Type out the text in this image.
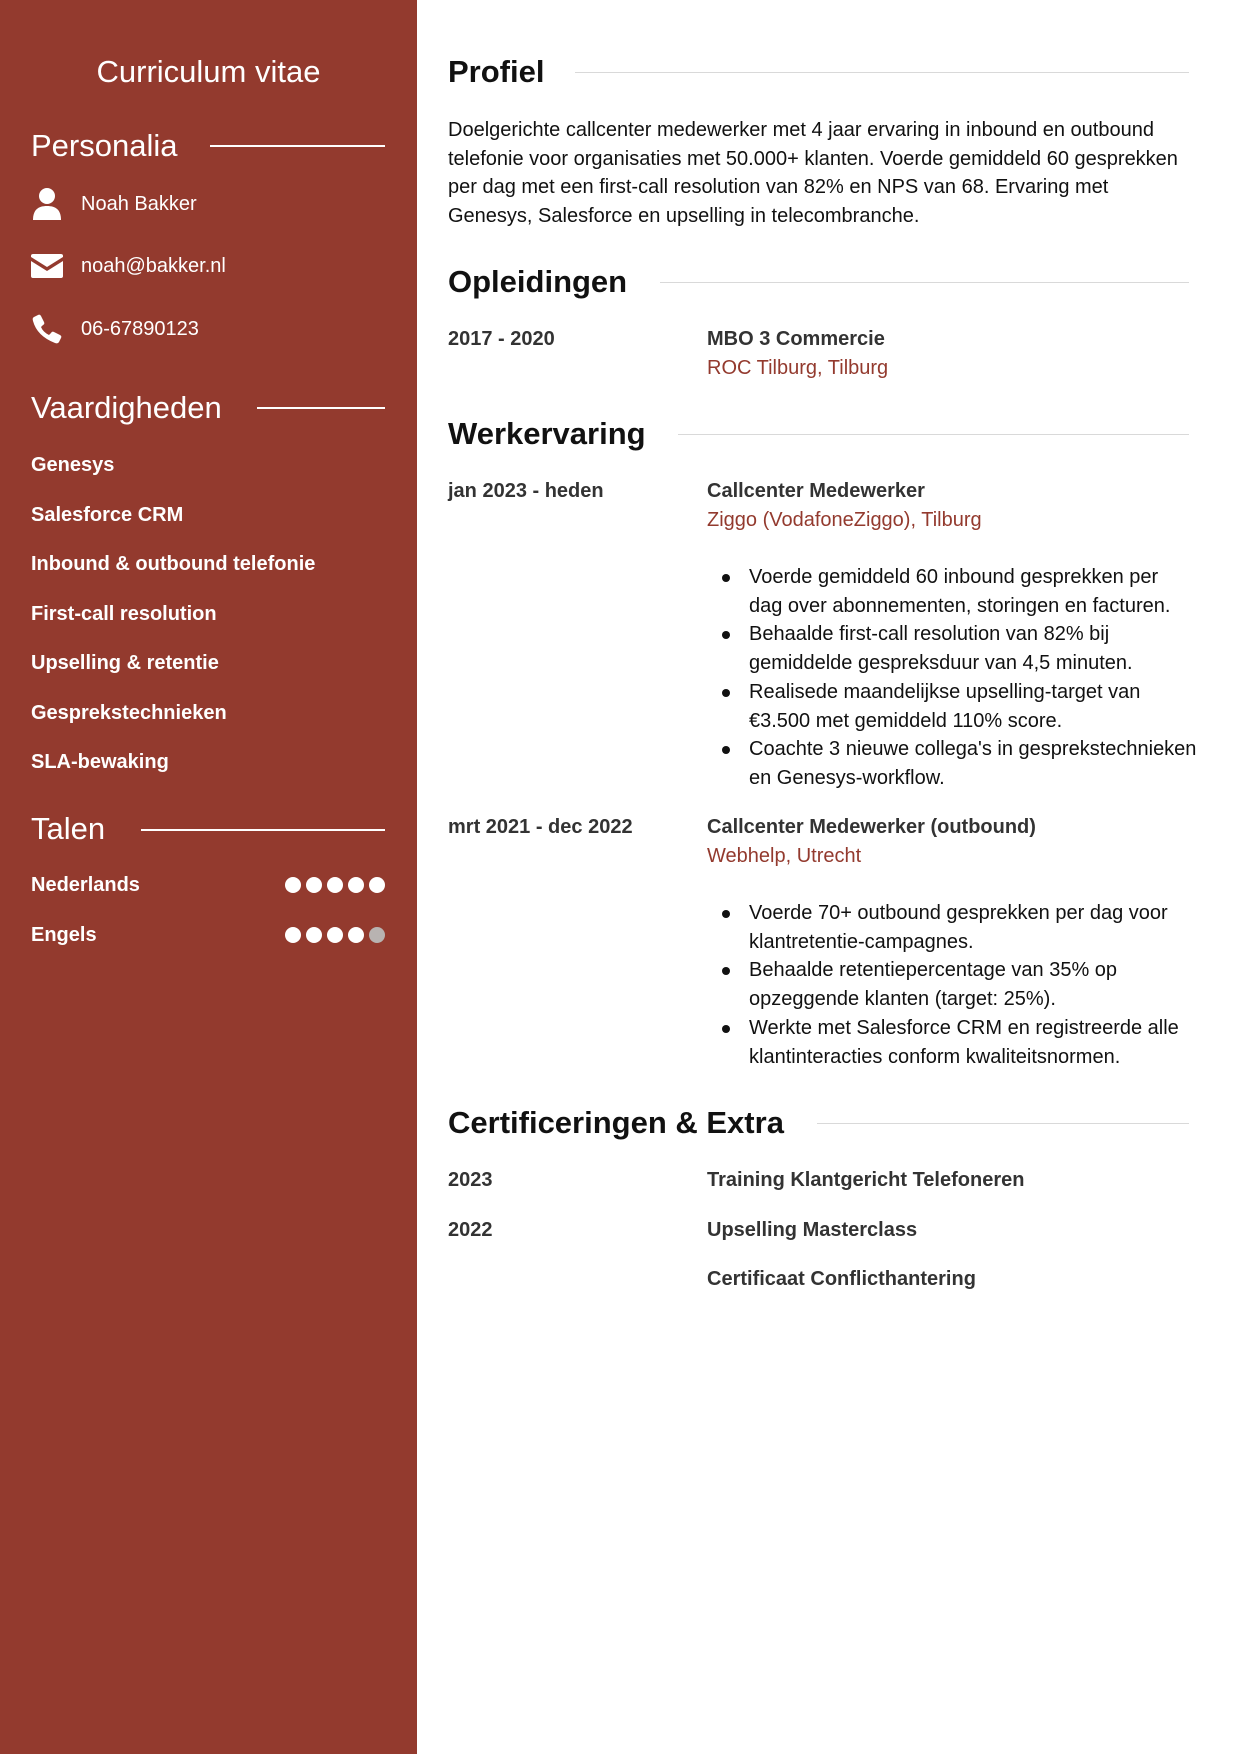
Curriculum vitae
Personalia
Noah Bakker
noah@bakker.nl
06-67890123
Vaardigheden
Genesys
Salesforce CRM
Inbound & outbound telefonie
First-call resolution
Upselling & retentie
Gesprekstechnieken
SLA-bewaking
Talen
Nederlands
Engels
Profiel
Doelgerichte callcenter medewerker met 4 jaar ervaring in inbound en outbound telefonie voor organisaties met 50.000+ klanten. Voerde gemiddeld 60 gesprekken per dag met een first-call resolution van 82% en NPS van 68. Ervaring met Genesys, Salesforce en upselling in telecombranche.
Opleidingen
2017 - 2020	MBO 3 Commercie
ROC Tilburg, Tilburg
Werkervaring
jan 2023 - heden	Callcenter Medewerker
Ziggo (VodafoneZiggo), Tilburg
Voerde gemiddeld 60 inbound gesprekken per dag over abonnementen, storingen en facturen.
Behaalde first-call resolution van 82% bij gemiddelde gespreksduur van 4,5 minuten.
Realisede maandelijkse upselling-target van €3.500 met gemiddeld 110% score.
Coachte 3 nieuwe collega's in gesprekstechnieken en Genesys-workflow.
mrt 2021 - dec 2022	Callcenter Medewerker (outbound)
Webhelp, Utrecht
Voerde 70+ outbound gesprekken per dag voor klantretentie-campagnes.
Behaalde retentiepercentage van 35% op opzeggende klanten (target: 25%).
Werkte met Salesforce CRM en registreerde alle klantinteracties conform kwaliteitsnormen.
Certificeringen & Extra
2023	Training Klantgericht Telefoneren
2022	Upselling Masterclass
Certificaat Conflicthantering
